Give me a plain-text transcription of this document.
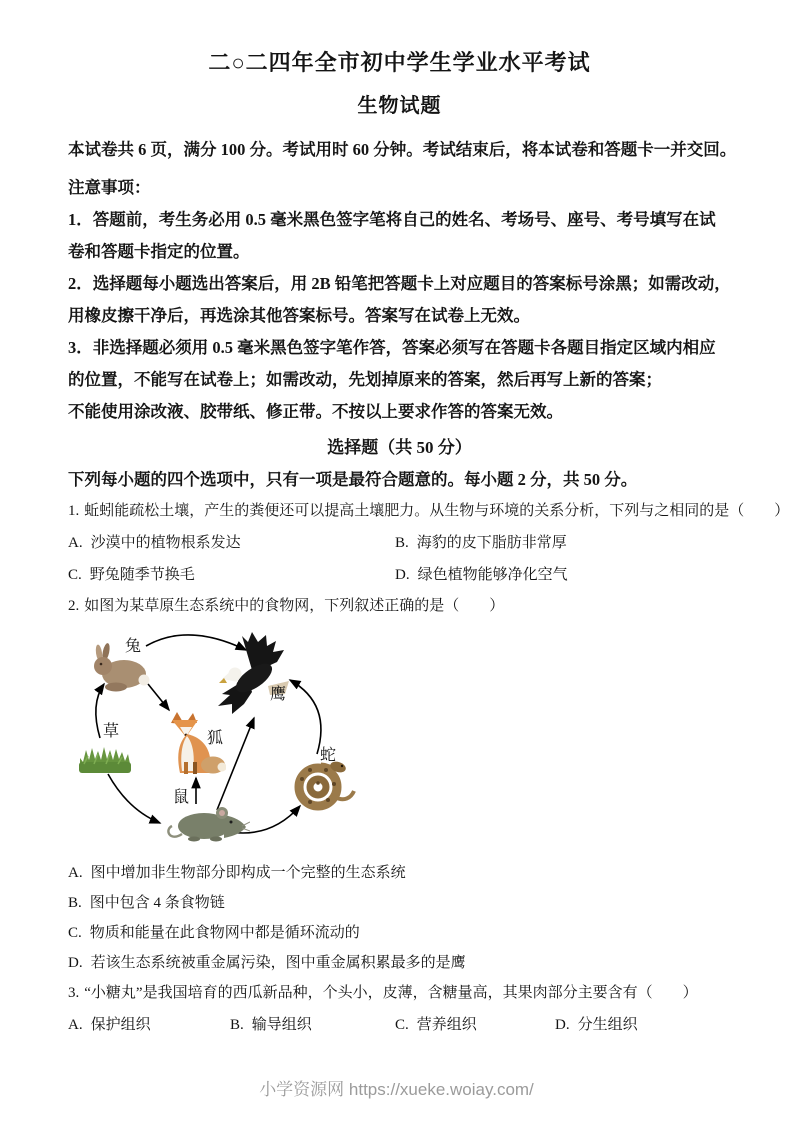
二○二四年全市初中学生学业水平考试
生物试题

本试卷共 6 页，满分 100 分。考试用时 60 分钟。考试结束后，将本试卷和答题卡一并交回。

注意事项：

1．答题前，考生务必用 0.5 毫米黑色签字笔将自己的姓名、考场号、座号、考号填写在试卷和答题卡指定的位置。

2．选择题每小题选出答案后，用 2B 铅笔把答题卡上对应题目的答案标号涂黑；如需改动，用橡皮擦干净后，再选涂其他答案标号。答案写在试卷上无效。

3．非选择题必须用 0.5 毫米黑色签字笔作答，答案必须写在答题卡各题目指定区域内相应的位置，不能写在试卷上；如需改动，先划掉原来的答案，然后再写上新的答案；

不能使用涂改液、胶带纸、修正带。不按以上要求作答的答案无效。

选择题（共 50 分）

下列每小题的四个选项中，只有一项是最符合题意的。每小题 2 分，共 50 分。

1. 蚯蚓能疏松土壤，产生的粪便还可以提高土壤肥力。从生物与环境的关系分析，下列与之相同的是（　　）

A. 沙漠中的植物根系发达	B. 海豹的皮下脂肪非常厚
C. 野兔随季节换毛	D. 绿色植物能够净化空气

2. 如图为某草原生态系统中的食物网，下列叙述正确的是（　　）

兔
鹰
草	狐
鼠
蛇

A. 图中增加非生物部分即构成一个完整的生态系统

B. 图中包含 4 条食物链

C. 物质和能量在此食物网中都是循环流动的

D. 若该生态系统被重金属污染，图中重金属积累最多的是鹰

3. “小糖丸”是我国培育的西瓜新品种，个头小，皮薄，含糖量高，其果肉部分主要含有（　　）

A. 保护组织	B. 输导组织	C. 营养组织	D. 分生组织
小学资源网 https://xueke.woiay.com/
